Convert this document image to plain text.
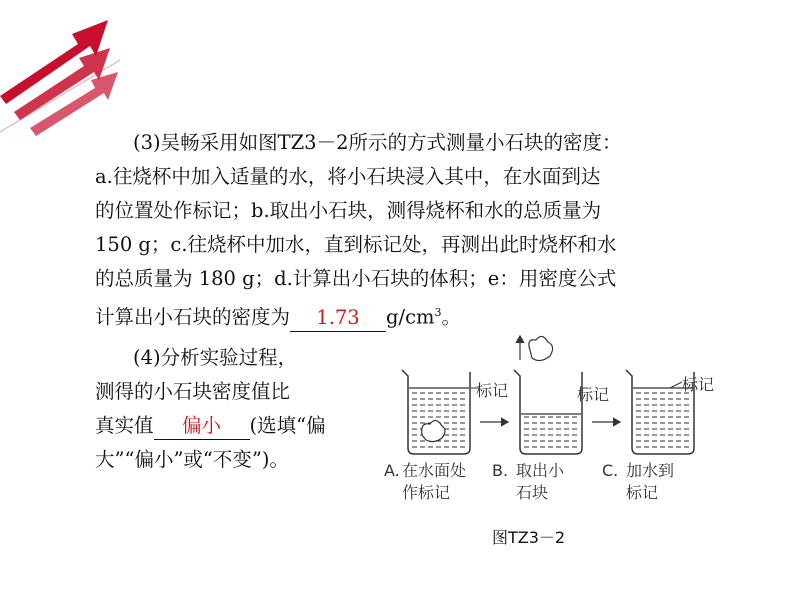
(3)吴畅采用如图TZ3－2所示的方式测量小石块的密度：
a.往烧杯中加入适量的水，将小石块浸入其中，在水面到达
的位置处作标记；b.取出小石块，测得烧杯和水的总质量为
150 g；c.往烧杯中加水，直到标记处，再测出此时烧杯和水
的总质量为 180 g；d.计算出小石块的体积；e：用密度公式
计算出小石块的密度为 1.73 $g/cm^3$。
(4)分析实验过程，
测得的小石块密度值比
真实值 偏小 (选填“偏
大”“偏小”或“不变”)。
标记	标记
标记
A. 在水面处
作标记
B. 取出小
石块
C. 加水到
标记
图TZ3－2
